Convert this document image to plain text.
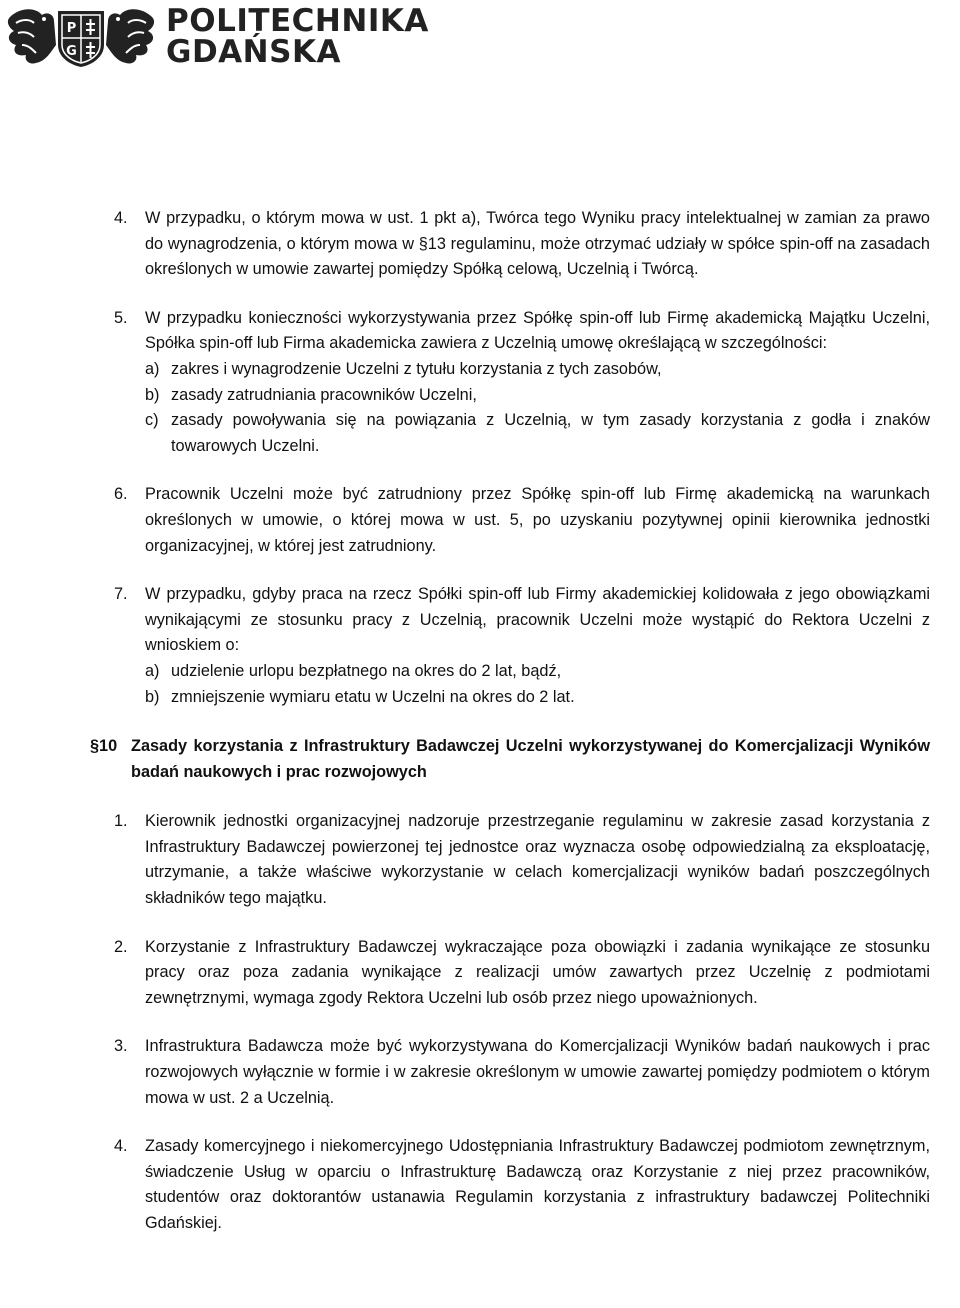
P
G
POLITECHNIKA
GDAŃSKA
4. W przypadku, o którym mowa w ust. 1 pkt a), Twórca tego Wyniku pracy intelektualnej w zamian za prawo do wynagrodzenia, o którym mowa w §13 regulaminu, może otrzymać udziały w spółce spin-off na zasadach określonych w umowie zawartej pomiędzy Spółką celową, Uczelnią i Twórcą.

5. W przypadku konieczności wykorzystywania przez Spółkę spin-off lub Firmę akademicką Majątku Uczelni, Spółka spin-off lub Firma akademicka zawiera z Uczelnią umowę określającą w szczególności:

a) zakres i wynagrodzenie Uczelni z tytułu korzystania z tych zasobów,
b) zasady zatrudniania pracowników Uczelni,
c) zasady powoływania się na powiązania z Uczelnią, w tym zasady korzystania z godła i znaków towarowych Uczelni.
6. Pracownik Uczelni może być zatrudniony przez Spółkę spin-off lub Firmę akademicką na warunkach określonych w umowie, o której mowa w ust. 5, po uzyskaniu pozytywnej opinii kierownika jednostki organizacyjnej, w której jest zatrudniony.

7. W przypadku, gdyby praca na rzecz Spółki spin-off lub Firmy akademickiej kolidowała z jego obowiązkami wynikającymi ze stosunku pracy z Uczelnią, pracownik Uczelni może wystąpić do Rektora Uczelni z wnioskiem o:

a) udzielenie urlopu bezpłatnego na okres do 2 lat, bądź,
b) zmniejszenie wymiaru etatu w Uczelni na okres do 2 lat.
§10 Zasady korzystania z Infrastruktury Badawczej Uczelni wykorzystywanej do Komercjalizacji Wyników badań naukowych i prac rozwojowych
1. Kierownik jednostki organizacyjnej nadzoruje przestrzeganie regulaminu w zakresie zasad korzystania z Infrastruktury Badawczej powierzonej tej jednostce oraz wyznacza osobę odpowiedzialną za eksploatację, utrzymanie, a także właściwe wykorzystanie w celach komercjalizacji wyników badań poszczególnych składników tego majątku.

2. Korzystanie z Infrastruktury Badawczej wykraczające poza obowiązki i zadania wynikające ze stosunku pracy oraz poza zadania wynikające z realizacji umów zawartych przez Uczelnię z podmiotami zewnętrznymi, wymaga zgody Rektora Uczelni lub osób przez niego upoważnionych.

3. Infrastruktura Badawcza może być wykorzystywana do Komercjalizacji Wyników badań naukowych i prac rozwojowych wyłącznie w formie i w zakresie określonym w umowie zawartej pomiędzy podmiotem o którym mowa w ust. 2 a Uczelnią.

4. Zasady komercyjnego i niekomercyjnego Udostępniania Infrastruktury Badawczej podmiotom zewnętrznym, świadczenie Usług w oparciu o Infrastrukturę Badawczą oraz Korzystanie z niej przez pracowników, studentów oraz doktorantów ustanawia Regulamin korzystania z infrastruktury badawczej Politechniki Gdańskiej.
